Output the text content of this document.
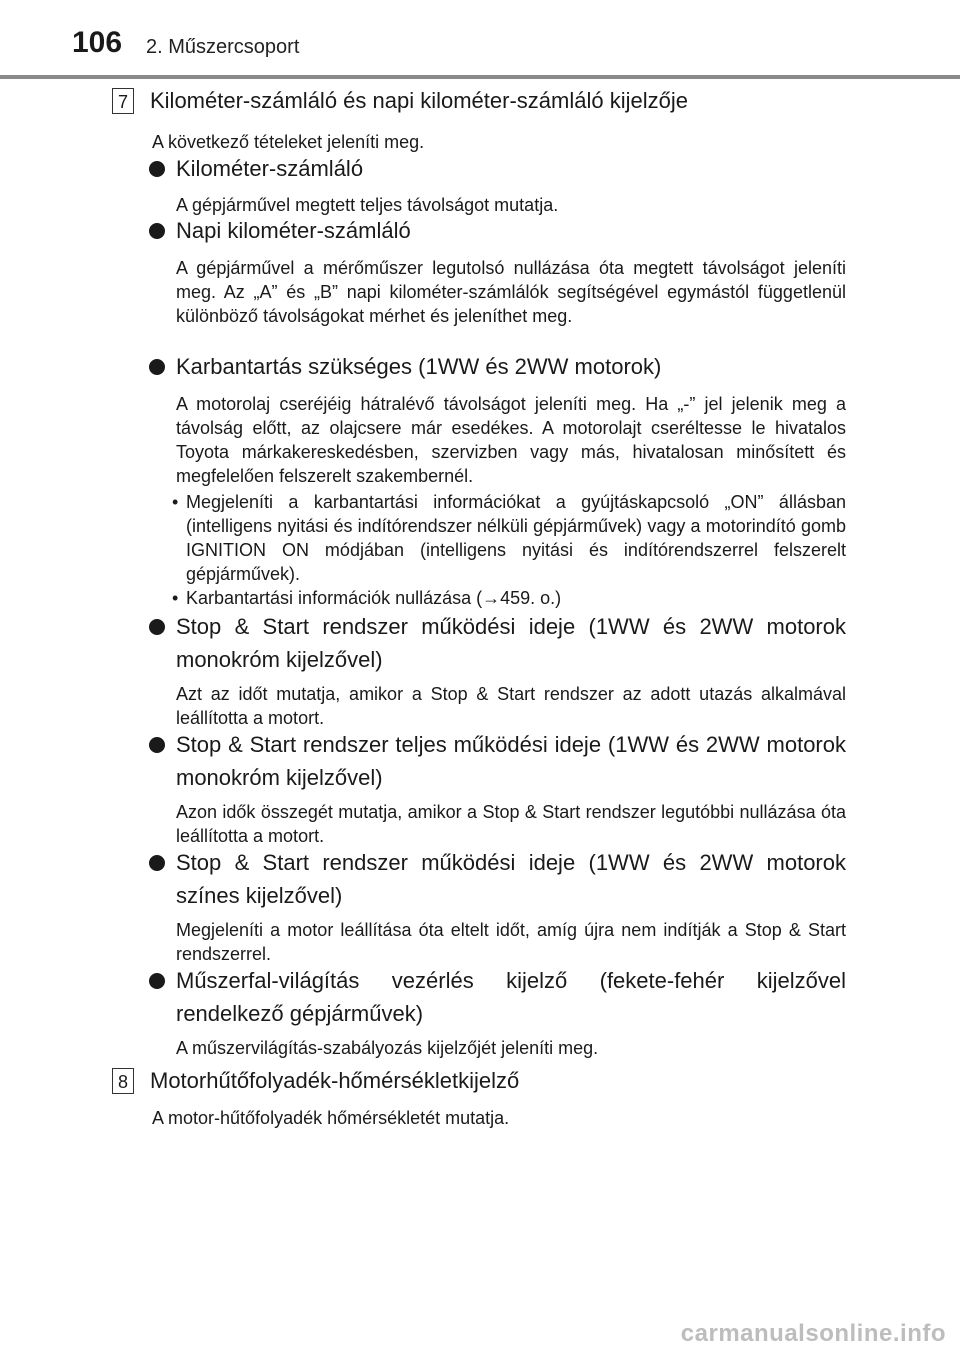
106 2. Műszercsoport
7 Kilométer-számláló és napi kilométer-számláló kijelzője
A következő tételeket jeleníti meg.
Kilométer-számláló
A gépjárművel megtett teljes távolságot mutatja.
Napi kilométer-számláló
A gépjárművel a mérőműszer legutolsó nullázása óta megtett távolságot jeleníti meg. Az „A” és „B” napi kilométer-számlálók segítségével egymástól függetlenül különböző távolságokat mérhet és jeleníthet meg.
Karbantartás szükséges (1WW és 2WW motorok)
A motorolaj cseréjéig hátralévő távolságot jeleníti meg. Ha „-” jel jelenik meg a távolság előtt, az olajcsere már esedékes. A motorolajt cseréltesse le hivatalos Toyota márkakereskedésben, szervizben vagy más, hivatalosan minősített és megfelelően felszerelt szakembernél.
• Megjeleníti a karbantartási információkat a gyújtáskapcsoló „ON” állásban (intelligens nyitási és indítórendszer nélküli gépjárművek) vagy a motorindító gomb IGNITION ON módjában (intelligens nyitási és indítórendszerrel felszerelt gépjárművek).
• Karbantartási információk nullázása (→459. o.)
Stop & Start rendszer működési ideje (1WW és 2WW motorok monokróm kijelzővel)
Azt az időt mutatja, amikor a Stop & Start rendszer az adott utazás alkalmával leállította a motort.
Stop & Start rendszer teljes működési ideje (1WW és 2WW motorok monokróm kijelzővel)
Azon idők összegét mutatja, amikor a Stop & Start rendszer legutóbbi nullázása óta leállította a motort.
Stop & Start rendszer működési ideje (1WW és 2WW motorok színes kijelzővel)
Megjeleníti a motor leállítása óta eltelt időt, amíg újra nem indítják a Stop & Start rendszerrel.
Műszerfal-világítás vezérlés kijelző (fekete-fehér kijelzővel rendelkező gépjárművek)
A műszervilágítás-szabályozás kijelzőjét jeleníti meg.
8 Motorhűtőfolyadék-hőmérsékletkijelző
A motor-hűtőfolyadék hőmérsékletét mutatja.
carmanualsonline.info
